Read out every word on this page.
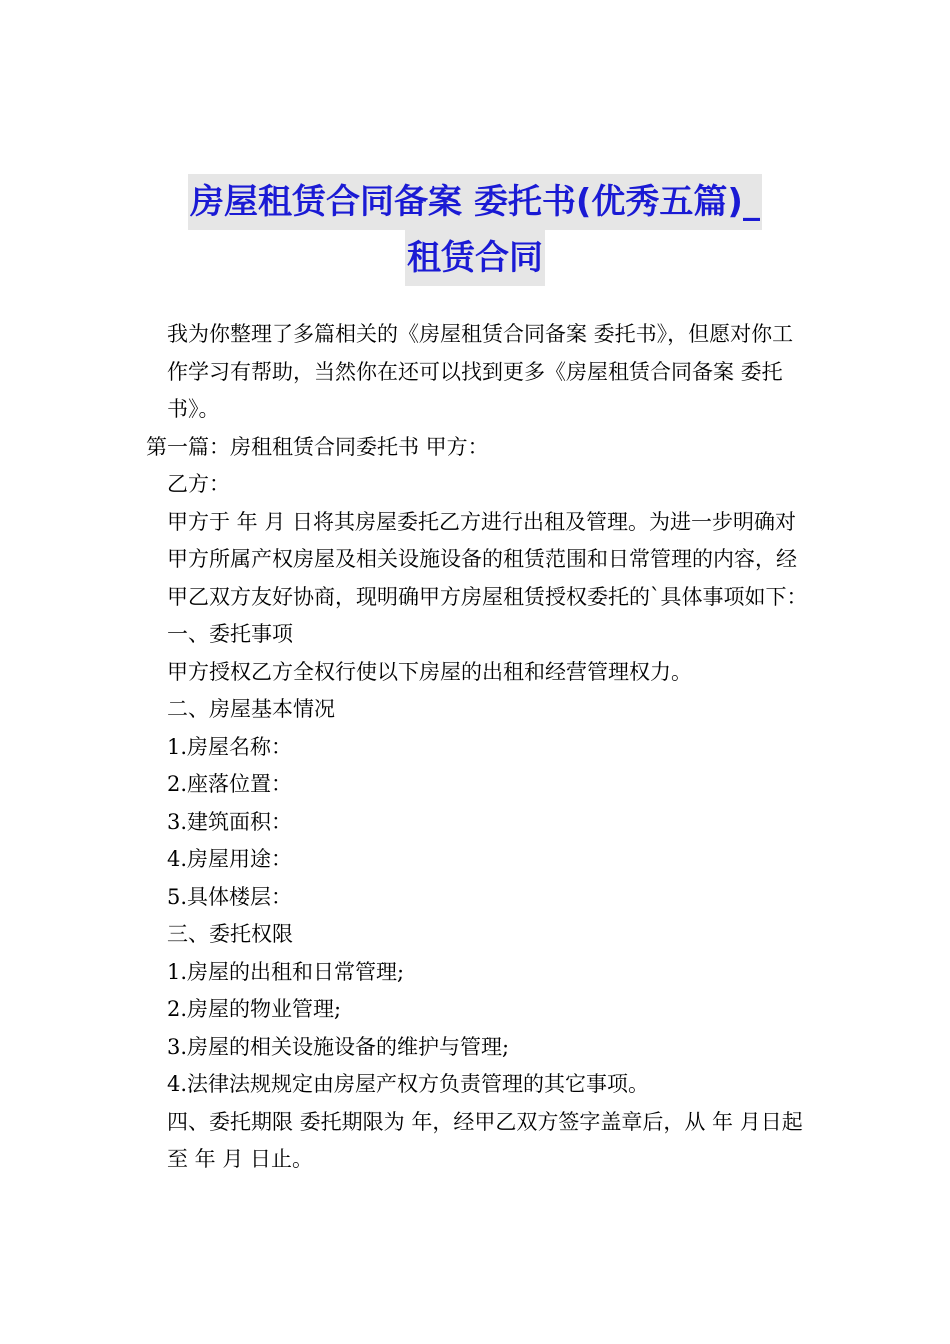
房屋租赁合同备案 委托书(优秀五篇)_
租赁合同

我为你整理了多篇相关的《房屋租赁合同备案 委托书》，但愿对你工作学习有帮助，当然你在还可以找到更多《房屋租赁合同备案 委托书》。

第一篇：房租租赁合同委托书 甲方：

乙方：

甲方于 年 月 日将其房屋委托乙方进行出租及管理。为进一步明确对甲方所属产权房屋及相关设施设备的租赁范围和日常管理的内容，经甲乙双方友好协商，现明确甲方房屋租赁授权委托的`具体事项如下：

一、委托事项

甲方授权乙方全权行使以下房屋的出租和经营管理权力。

二、房屋基本情况

1.房屋名称：

2.座落位置：

3.建筑面积：

4.房屋用途：

5.具体楼层：

三、委托权限

1.房屋的出租和日常管理;

2.房屋的物业管理;

3.房屋的相关设施设备的维护与管理;

4.法律法规规定由房屋产权方负责管理的其它事项。

四、委托期限 委托期限为 年，经甲乙双方签字盖章后，从 年 月日起至 年 月 日止。
